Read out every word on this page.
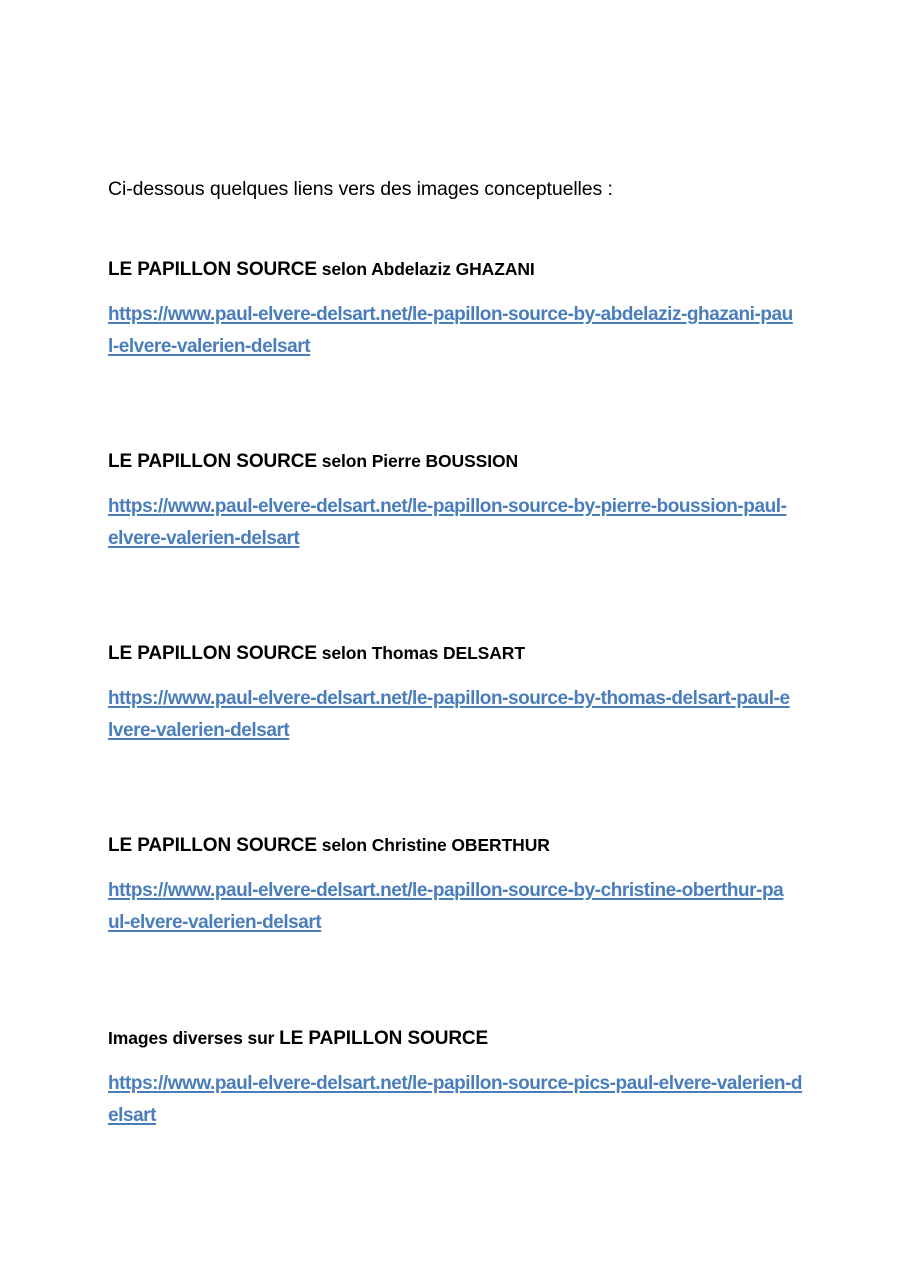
Ci-dessous quelques liens vers des images conceptuelles :

LE PAPILLON SOURCE selon Abdelaziz GHAZANI
https://www.paul-elvere-delsart.net/le-papillon-source-by-abdelaziz-ghazani-paul-elvere-valerien-delsart
LE PAPILLON SOURCE selon Pierre BOUSSION
https://www.paul-elvere-delsart.net/le-papillon-source-by-pierre-boussion-paul-elvere-valerien-delsart
LE PAPILLON SOURCE selon Thomas DELSART
https://www.paul-elvere-delsart.net/le-papillon-source-by-thomas-delsart-paul-elvere-valerien-delsart
LE PAPILLON SOURCE selon Christine OBERTHUR
https://www.paul-elvere-delsart.net/le-papillon-source-by-christine-oberthur-paul-elvere-valerien-delsart
Images diverses sur LE PAPILLON SOURCE
https://www.paul-elvere-delsart.net/le-papillon-source-pics-paul-elvere-valerien-delsart
